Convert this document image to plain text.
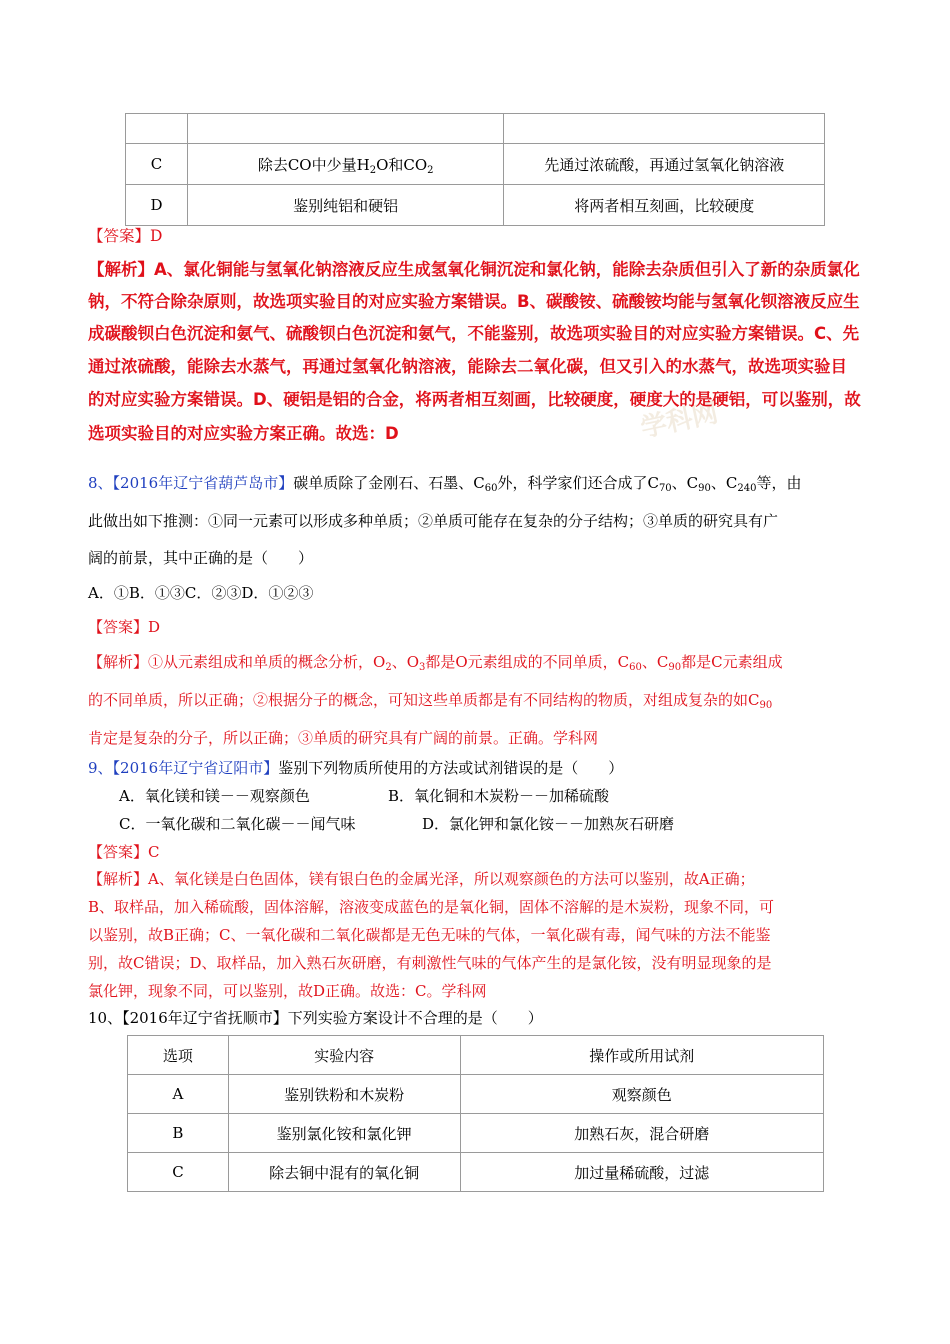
C	除去CO中少量$H_2O$和$CO_2$	先通过浓硫酸，再通过氢氧化钠溶液
D	鉴别纯铝和硬铝	将两者相互刻画，比较硬度
【答案】D
学科网
【解析】A、氯化铜能与氢氧化钠溶液反应生成氢氧化铜沉淀和氯化钠，能除去杂质但引入了新的杂质氯化
钠，不符合除杂原则，故选项实验目的对应实验方案错误。B、碳酸铵、硫酸铵均能与氢氧化钡溶液反应生
成碳酸钡白色沉淀和氨气、硫酸钡白色沉淀和氨气，不能鉴别，故选项实验目的对应实验方案错误。C、先
通过浓硫酸，能除去水蒸气，再通过氢氧化钠溶液，能除去二氧化碳，但又引入的水蒸气，故选项实验目
的对应实验方案错误。D、硬铝是铝的合金，将两者相互刻画，比较硬度，硬度大的是硬铝，可以鉴别，故
选项实验目的对应实验方案正确。故选：D
8、【2016年辽宁省葫芦岛市】碳单质除了金刚石、石墨、$C_{60}$外，科学家们还合成了$C_{70}$、$C_{90}$、$C_{240}$等，由
此做出如下推测：①同一元素可以形成多种单质；②单质可能存在复杂的分子结构；③单质的研究具有广
阔的前景，其中正确的是（　　）
A．①B．①③C．②③D．①②③
【答案】D
【解析】①从元素组成和单质的概念分析，$O_2$、$O_3$都是O元素组成的不同单质，$C_{60}$、$C_{90}$都是C元素组成
的不同单质，所以正确；②根据分子的概念，可知这些单质都是有不同结构的物质，对组成复杂的如$C_{90}$
肯定是复杂的分子，所以正确；③单质的研究具有广阔的前景。正确。学科网
9、【2016年辽宁省辽阳市】鉴别下列物质所使用的方法或试剂错误的是（　　）
A．氧化镁和镁－－观察颜色	B．氧化铜和木炭粉－－加稀硫酸
C．一氧化碳和二氧化碳－－闻气味	D．氯化钾和氯化铵－－加熟灰石研磨
【答案】C
【解析】A、氧化镁是白色固体，镁有银白色的金属光泽，所以观察颜色的方法可以鉴别，故A正确；
B、取样品，加入稀硫酸，固体溶解，溶液变成蓝色的是氧化铜，固体不溶解的是木炭粉，现象不同，可
以鉴别，故B正确；C、一氧化碳和二氧化碳都是无色无味的气体，一氧化碳有毒，闻气味的方法不能鉴
别，故C错误；D、取样品，加入熟石灰研磨，有刺激性气味的气体产生的是氯化铵，没有明显现象的是
氯化钾，现象不同，可以鉴别，故D正确。故选：C。学科网
10、【2016年辽宁省抚顺市】下列实验方案设计不合理的是（　　）
选项	实验内容	操作或所用试剂
A	鉴别铁粉和木炭粉	观察颜色
B	鉴别氯化铵和氯化钾	加熟石灰，混合研磨
C	除去铜中混有的氧化铜	加过量稀硫酸，过滤
